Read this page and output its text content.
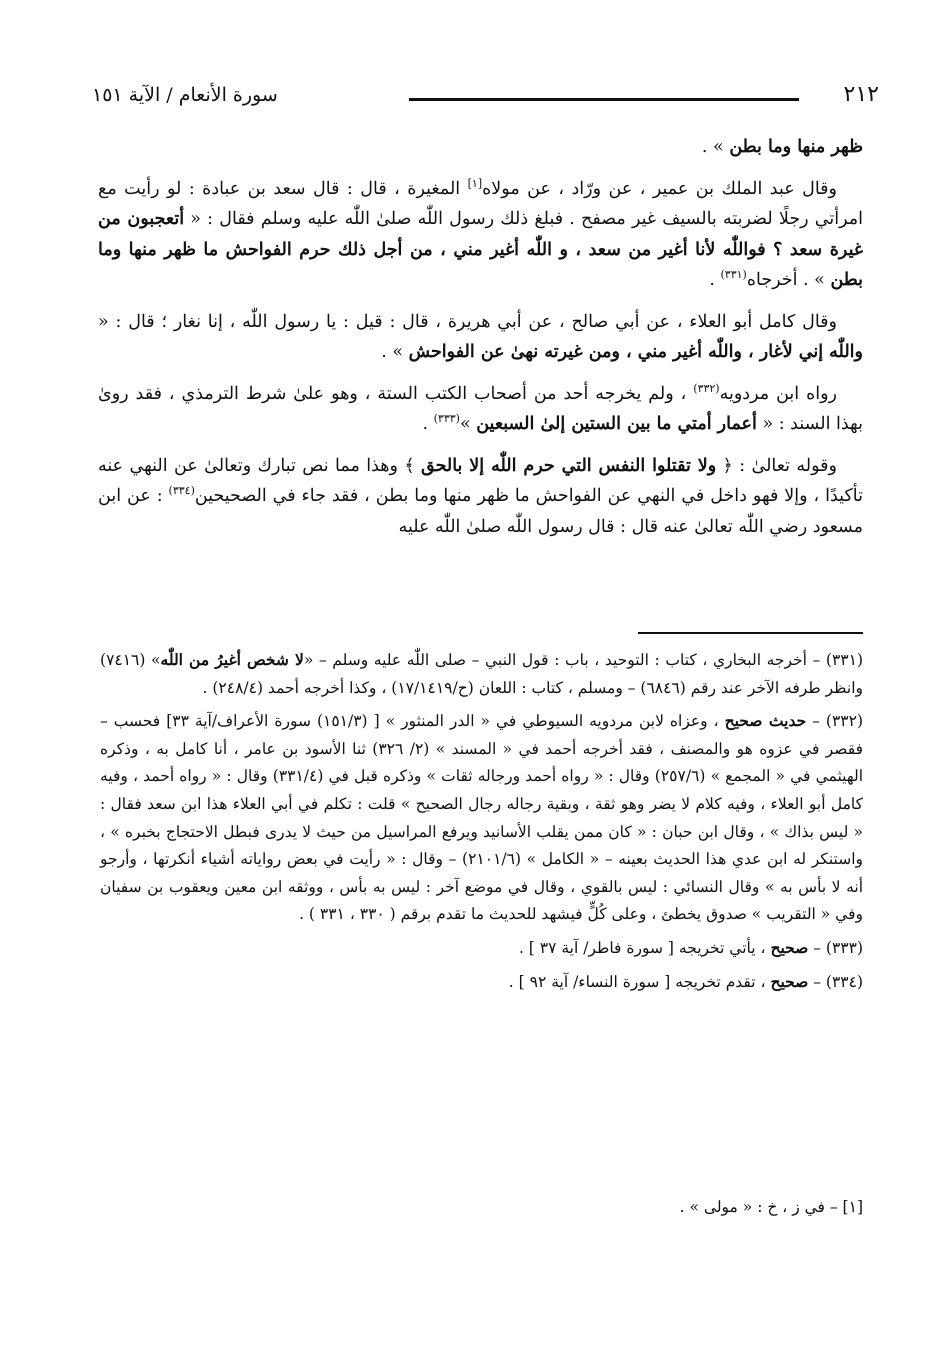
٢١٢
سورة الأنعام / الآية ١٥١

ظهر منها وما بطن » .

وقال عبد الملك بن عمير ، عن ورّاد ، عن مولاه[١] المغيرة ، قال : قال سعد بن عبادة : لو رأيت مع امرأتي رجلًا لضربته بالسيف غير مصفح . فبلغ ذلك رسول اللّٰه صلىٰ اللّٰه عليه وسلم فقال : « أتعجبون من غيرة سعد ؟ فواللّٰه لأنا أغير من سعد ، و اللّٰه أغير مني ، من أجل ذلك حرم الفواحش ما ظهر منها وما بطن » . أخرجاه$^{(٣٣١)}$ .

وقال كامل أبو العلاء ، عن أبي صالح ، عن أبي هريرة ، قال : قيل : يا رسول اللّٰه ، إنا نغار ؛ قال : « واللّٰه إني لأغار ، واللّٰه أغير مني ، ومن غيرته نهىٰ عن الفواحش » .

رواه ابن مردويه$^{(٣٣٢)}$ ، ولم يخرجه أحد من أصحاب الكتب الستة ، وهو علىٰ شرط الترمذي ، فقد روىٰ بهذا السند : « أعمار أمتي ما بين الستين إلىٰ السبعين »$^{(٣٣٣)}$ .

وقوله تعالىٰ : ﴿ ولا تقتلوا النفس التي حرم اللّٰه إلا بالحق ﴾ وهذا مما نص تبارك وتعالىٰ عن النهي عنه تأكيدًا ، وإلا فهو داخل في النهي عن الفواحش ما ظهر منها وما بطن ، فقد جاء في الصحيحين$^{(٣٣٤)}$ : عن ابن مسعود رضي اللّٰه تعالىٰ عنه قال : قال رسول اللّٰه صلىٰ اللّٰه عليه

(٣٣١) – أخرجه البخاري ، كتاب : التوحيد ، باب : قول النبي – صلى اللّٰه عليه وسلم – «لا شخص أغيرُ من اللّٰه» (٧٤١٦) وانظر طرفه الآخر عند رقم (٦٨٤٦) – ومسلم ، كتاب : اللعان (ح/١٧/١٤١٩) ، وكذا أخرجه أحمد (٢٤٨/٤) .

(٣٣٢) – حديث صحيح ، وعزاه لابن مردويه السيوطي في « الدر المنثور » [ (١٥١/٣) سورة الأعراف/آية ٣٣] فحسب – فقصر في عزوه هو والمصنف ، فقد أخرجه أحمد في « المسند » (٢/ ٣٢٦) ثنا الأسود بن عامر ، أنا كامل به ، وذكره الهيثمي في « المجمع » (٢٥٧/٦) وقال : « رواه أحمد ورجاله ثقات » وذكره قبل في (٣٣١/٤) وقال : « رواه أحمد ، وفيه كامل أبو العلاء ، وفيه كلام لا يضر وهو ثقة ، وبقية رجاله رجال الصحيح » قلت : تكلم في أبي العلاء هذا ابن سعد فقال : « ليس بذاك » ، وقال ابن حبان : « كان ممن يقلب الأسانيد ويرفع المراسيل من حيث لا يدرى فبطل الاحتجاج بخبره » ، واستنكر له ابن عدي هذا الحديث بعينه – « الكامل » (٢١٠١/٦) – وقال : « رأيت في بعض رواياته أشياء أنكرتها ، وأرجو أنه لا بأس به » وقال النسائي : ليس بالقوي ، وقال في موضع آخر : ليس به بأس ، ووثقه ابن معين ويعقوب بن سفيان وفي « التقريب » صدوق يخطئ ، وعلى كُلٍّ فيشهد للحديث ما تقدم برقم ( ٣٣٠ ، ٣٣١ ) .

(٣٣٣) – صحيح ، يأتي تخريجه [ سورة فاطر/ آية ٣٧ ] .

(٣٣٤) – صحيح ، تقدم تخريجه [ سورة النساء/ آية ٩٢ ] .

[١] – في ز ، خ : « مولى » .
